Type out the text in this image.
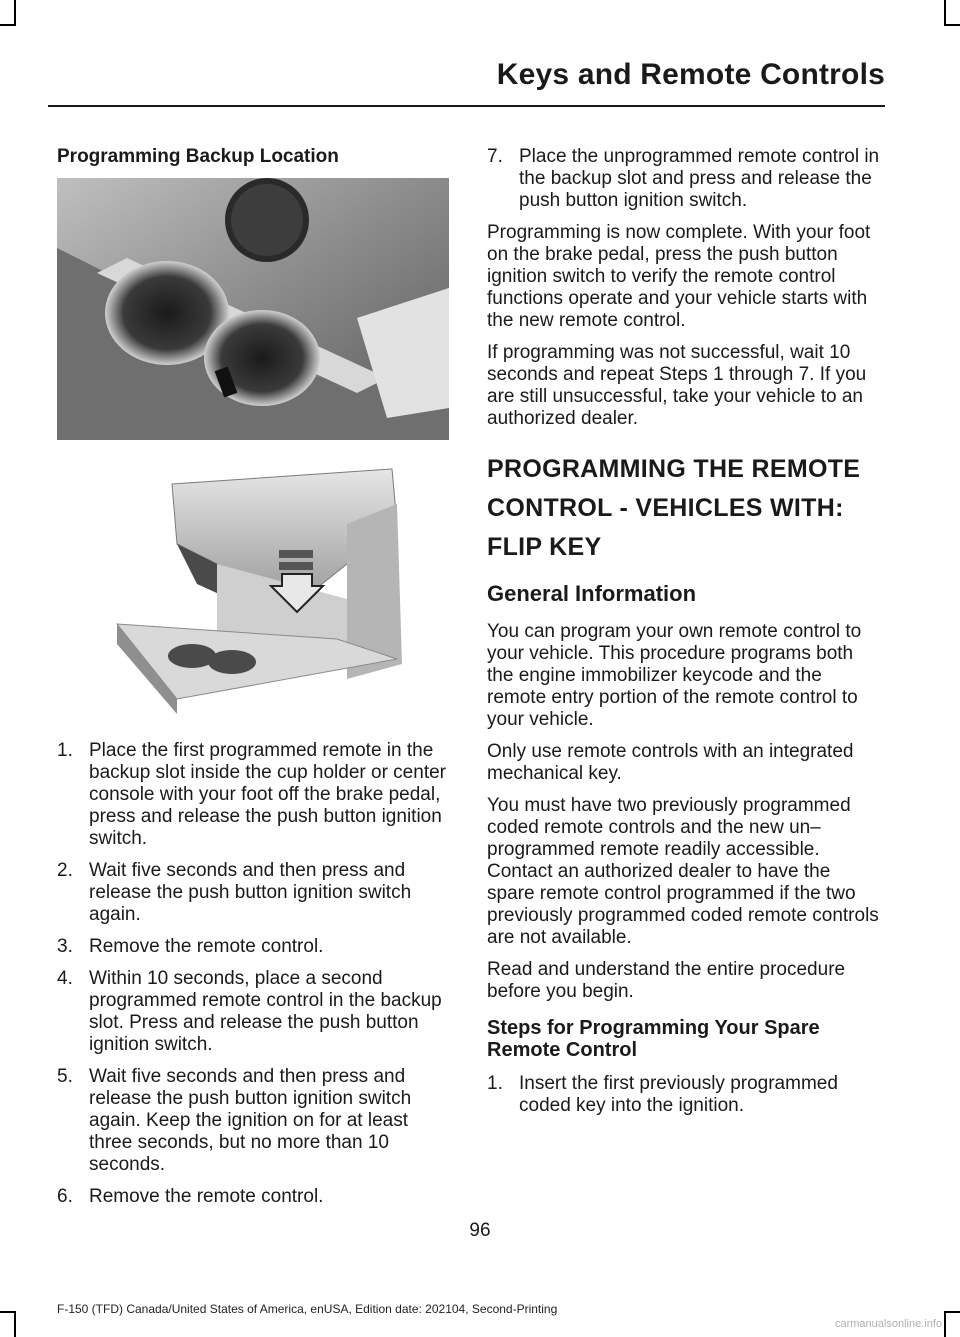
Keys and Remote Controls
Programming Backup Location
1. Place the first programmed remote in the backup slot inside the cup holder or center console with your foot off the brake pedal, press and release the push button ignition switch.
2. Wait five seconds and then press and release the push button ignition switch again.
3. Remove the remote control.
4. Within 10 seconds, place a second programmed remote control in the backup slot. Press and release the push button ignition switch.
5. Wait five seconds and then press and release the push button ignition switch again. Keep the ignition on for at least three seconds, but no more than 10 seconds.
6. Remove the remote control.
7. Place the unprogrammed remote control in the backup slot and press and release the push button ignition switch.

Programming is now complete. With your foot on the brake pedal, press the push button ignition switch to verify the remote control functions operate and your vehicle starts with the new remote control.

If programming was not successful, wait 10 seconds and repeat Steps 1 through 7. If you are still unsuccessful, take your vehicle to an authorized dealer.

PROGRAMMING THE REMOTE
CONTROL - VEHICLES WITH:
FLIP KEY
General Information

You can program your own remote control to your vehicle. This procedure programs both the engine immobilizer keycode and the remote entry portion of the remote control to your vehicle.

Only use remote controls with an integrated mechanical key.

You must have two previously programmed coded remote controls and the new un–programmed remote readily accessible. Contact an authorized dealer to have the spare remote control programmed if the two previously programmed coded remote controls are not available.

Read and understand the entire procedure before you begin.

Steps for Programming Your Spare Remote Control
1. Insert the first previously programmed coded key into the ignition.
96
F-150 (TFD) Canada/United States of America, enUSA, Edition date: 202104, Second-Printing
carmanualsonline.info
